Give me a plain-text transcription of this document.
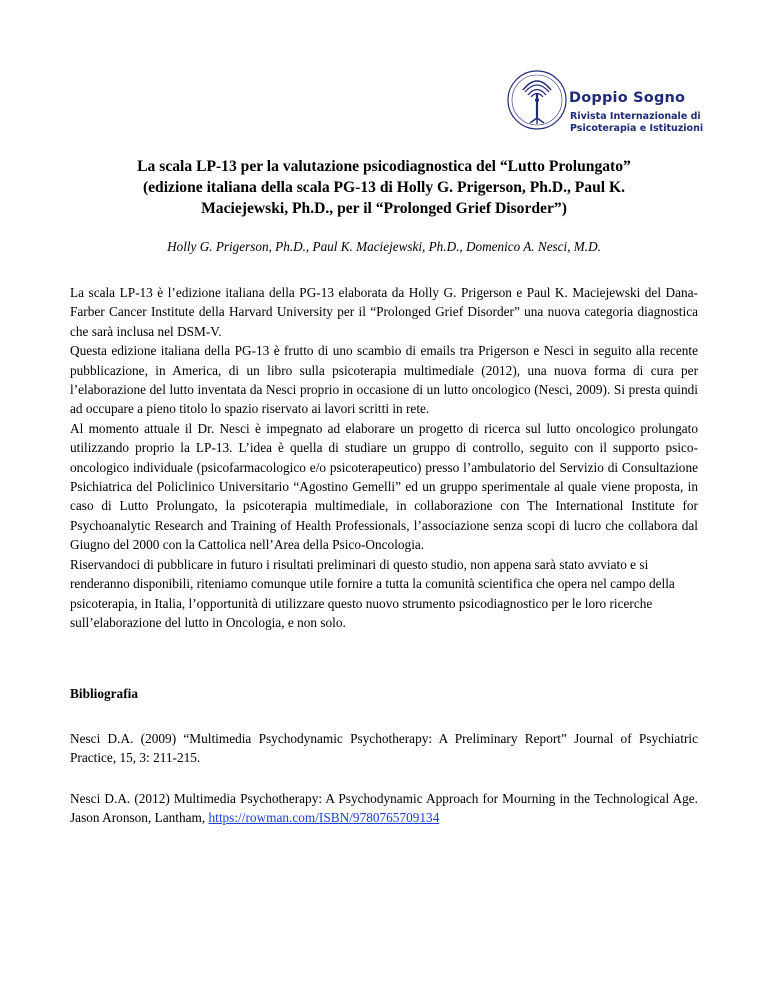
Doppio Sogno
Rivista Internazionale di
Psicoterapia e Istituzioni
La scala LP-13 per la valutazione psicodiagnostica del “Lutto Prolungato”
(edizione italiana della scala PG-13 di Holly G. Prigerson, Ph.D., Paul K.
Maciejewski, Ph.D., per il “Prolonged Grief Disorder”)
Holly G. Prigerson, Ph.D., Paul K. Maciejewski, Ph.D., Domenico A. Nesci, M.D.

La scala LP-13 è l’edizione italiana della PG-13 elaborata da Holly G. Prigerson e Paul K. Maciejewski del Dana-Farber Cancer Institute della Harvard University per il “Prolonged Grief Disorder” una nuova categoria diagnostica che sarà inclusa nel DSM-V.

Questa edizione italiana della PG-13 è frutto di uno scambio di emails tra Prigerson e Nesci in seguito alla recente pubblicazione, in America, di un libro sulla psicoterapia multimediale (2012), una nuova forma di cura per l’elaborazione del lutto inventata da Nesci proprio in occasione di un lutto oncologico (Nesci, 2009). Si presta quindi ad occupare a pieno titolo lo spazio riservato ai lavori scritti in rete.

Al momento attuale il Dr. Nesci è impegnato ad elaborare un progetto di ricerca sul lutto oncologico prolungato utilizzando proprio la LP-13. L’idea è quella di studiare un gruppo di controllo, seguito con il supporto psico-oncologico individuale (psicofarmacologico e/o psicoterapeutico) presso l’ambulatorio del Servizio di Consultazione Psichiatrica del Policlinico Universitario “Agostino Gemelli” ed un gruppo sperimentale al quale viene proposta, in caso di Lutto Prolungato, la psicoterapia multimediale, in collaborazione con The International Institute for Psychoanalytic Research and Training of Health Professionals, l’associazione senza scopi di lucro che collabora dal Giugno del 2000 con la Cattolica nell’Area della Psico-Oncologia.

Riservandoci di pubblicare in futuro i risultati preliminari di questo studio, non appena sarà stato avviato e si renderanno disponibili, riteniamo comunque utile fornire a tutta la comunità scientifica che opera nel campo della psicoterapia, in Italia, l’opportunità di utilizzare questo nuovo strumento psicodiagnostico per le loro ricerche sull’elaborazione del lutto in Oncologia, e non solo.

Bibliografia
Nesci D.A. (2009) “Multimedia Psychodynamic Psychotherapy: A Preliminary Report” Journal of Psychiatric Practice, 15, 3: 211-215.
Nesci D.A. (2012) Multimedia Psychotherapy: A Psychodynamic Approach for Mourning in the Technological Age. Jason Aronson, Lantham, https://rowman.com/ISBN/9780765709134
